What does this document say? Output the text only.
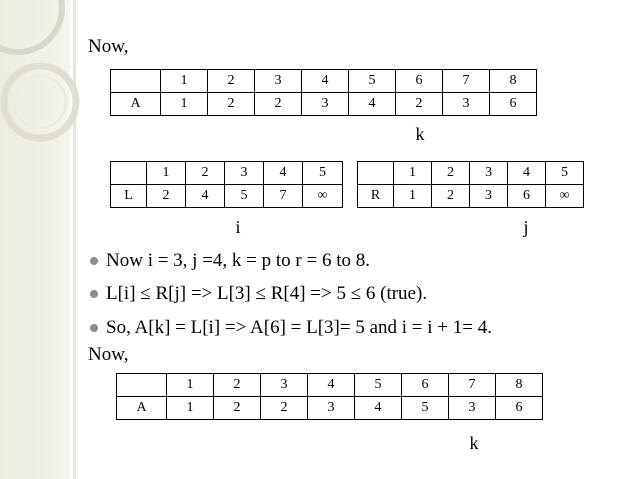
Now,
	1	2	3	4	5	6	7	8
A	1	2	2	3	4	2	3	6
k
	1	2	3	4	5
L	2	4	5	7	∞
	1	2	3	4	5
R	1	2	3	6	∞
i	j
Now i = 3, j =4, k = p to r = 6 to 8.
L[i] ≤ R[j] => L[3] ≤ R[4] => 5 ≤ 6 (true).
So, A[k] = L[i] => A[6] = L[3]= 5 and i = i + 1= 4.
Now,
	1	2	3	4	5	6	7	8
A	1	2	2	3	4	5	3	6
k
